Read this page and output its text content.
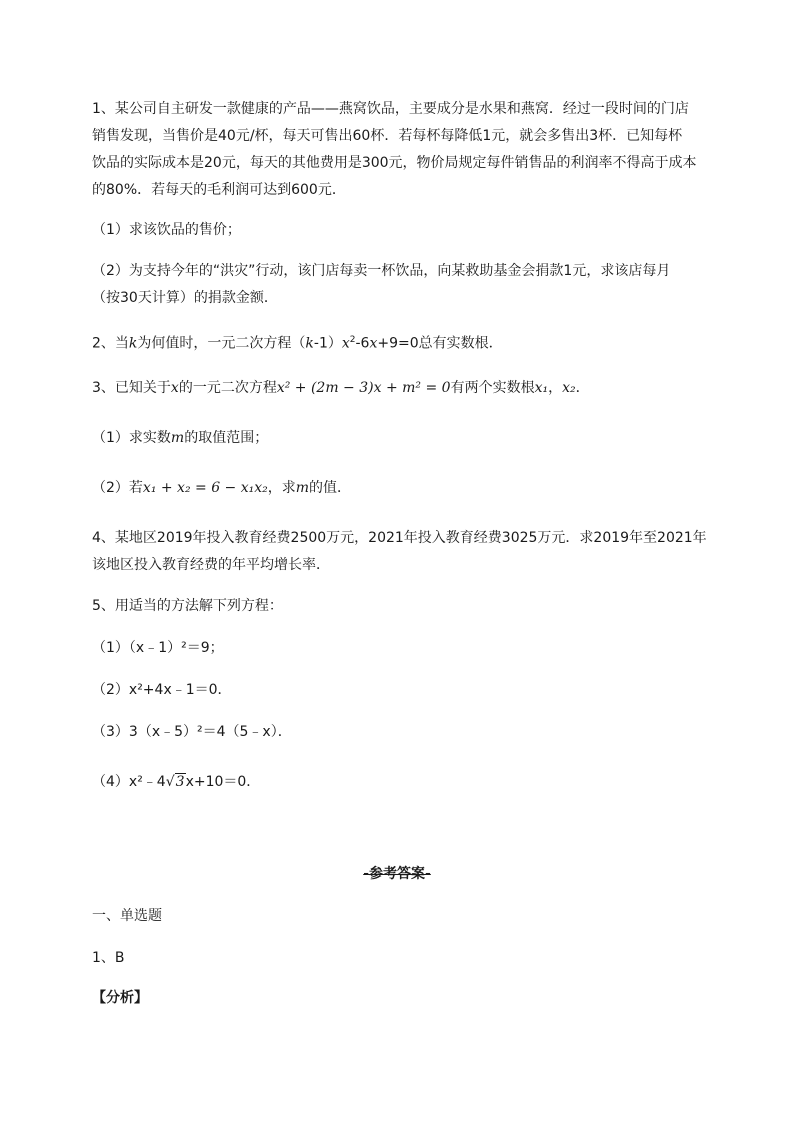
1、某公司自主研发一款健康的产品——燕窝饮品，主要成分是水果和燕窝．经过一段时间的门店
销售发现，当售价是40元/杯，每天可售出60杯．若每杯每降低1元，就会多售出3杯．已知每杯
饮品的实际成本是20元，每天的其他费用是300元，物价局规定每件销售品的利润率不得高于成本
的80%．若每天的毛利润可达到600元．
（1）求该饮品的售价；
（2）为支持今年的“洪灾”行动，该门店每卖一杯饮品，向某救助基金会捐款1元，求该店每月
（按30天计算）的捐款金额．
2、当k为何值时，一元二次方程$(k-1)x^2-6x+9=0$总有实数根．
3、已知关于x的一元二次方程x² + (2m − 3)x + m² = 0有两个实数根x₁，x₂．
（1）求实数m的取值范围；
（2）若x₁ + x₂ = 6 − x₁x₂，求m的值．
4、某地区2019年投入教育经费2500万元，2021年投入教育经费3025万元．求2019年至2021年
该地区投入教育经费的年平均增长率．
5、用适当的方法解下列方程：
（1）（x﹣1）²＝9；
（2）x²+4x﹣1＝0．
（3）3（x﹣5）²＝4（5﹣x）．
（4）x²﹣4√3x+10＝0．
-参考答案-
一、单选题
1、B
【分析】
